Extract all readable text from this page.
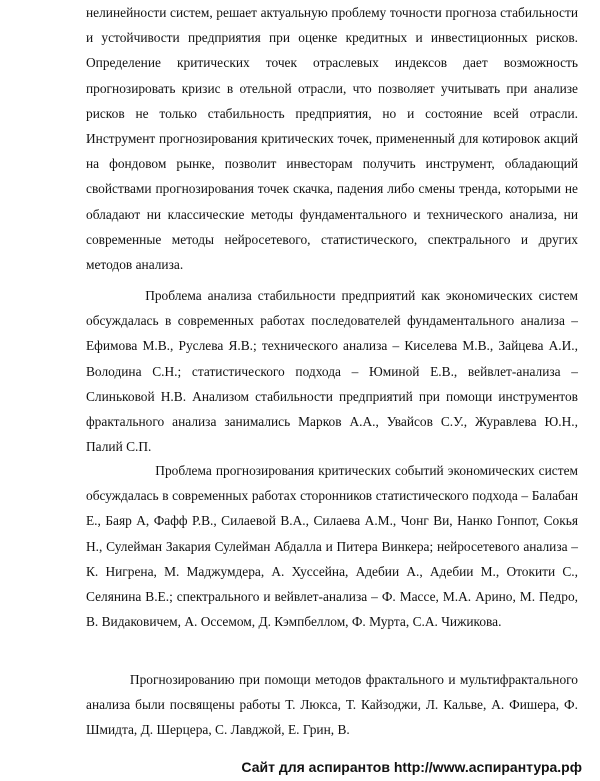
нелинейности систем, решает актуальную проблему точности прогноза стабильности и устойчивости предприятия при оценке кредитных и инвестиционных рисков. Определение критических точек отраслевых индексов дает возможность прогнозировать кризис в отельной отрасли, что позволяет учитывать при анализе рисков не только стабильность предприятия, но и состояние всей отрасли. Инструмент прогнозирования критических точек, примененный для котировок акций на фондовом рынке, позволит инвесторам получить инструмент, обладающий свойствами прогнозирования точек скачка, падения либо смены тренда, которыми не обладают ни классические методы фундаментального и технического анализа, ни современные методы нейросетевого, статистического, спектрального и других методов анализа.

Проблема анализа стабильности предприятий как экономических систем обсуждалась в современных работах последователей фундаментального анализа – Ефимова М.В., Руслева Я.В.; технического анализа – Киселева М.В., Зайцева А.И., Володина С.Н.; статистического подхода – Юминой Е.В., вейвлет-анализа – Слиньковой Н.В. Анализом стабильности предприятий при помощи инструментов фрактального анализа занимались Марков А.А., Увайсов С.У., Журавлева Ю.Н., Палий С.П.

Проблема прогнозирования критических событий экономических систем обсуждалась в современных работах сторонников статистического подхода – Балабан Е., Баяр А, Фафф Р.В., Силаевой В.А., Силаева А.М., Чонг Ви, Нанко Гонпот, Сокья Н., Сулейман Закария Сулейман Абдалла и Питера Винкера; нейросетевого анализа – К. Нигрена, М. Маджумдера, А. Хуссейна, Адебии А., Адебии М., Отокити С., Селянина В.Е.; спектрального и вейвлет-анализа – Ф. Массе, М.А. Арино, М. Педро, В. Видаковичем, А. Оссемом, Д. Кэмпбеллом, Ф. Мурта, С.А. Чижикова.

Прогнозированию при помощи методов фрактального и мультифрактального анализа были посвящены работы Т. Люкса, Т. Кайзоджи, Л. Кальве, А. Фишера, Ф. Шмидта, Д. Шерцера, С. Лавджой, Е. Грин, В.

Сайт для аспирантов http://www.аспирантура.рф
